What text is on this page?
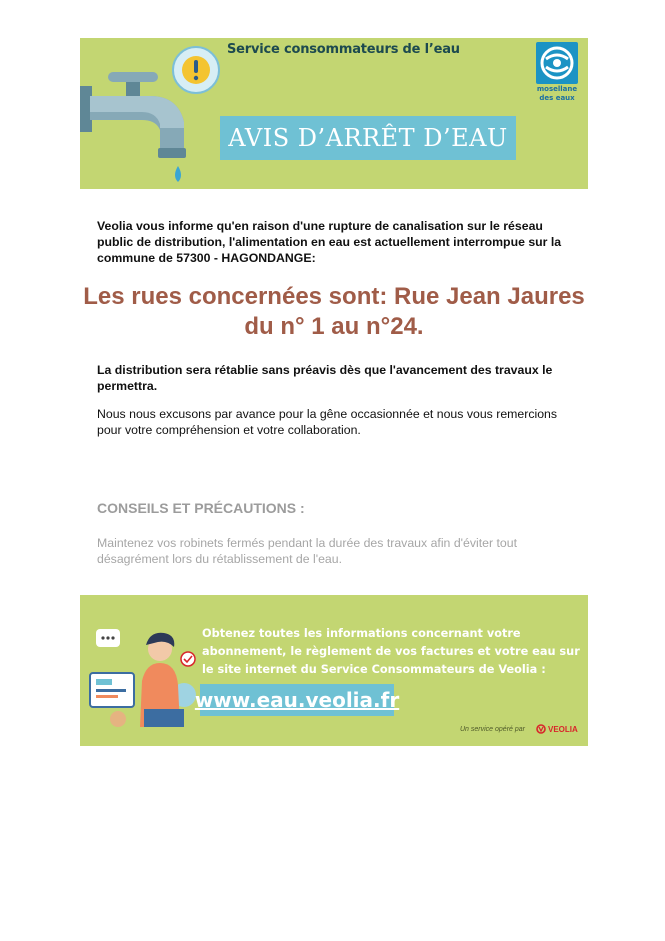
Service consommateurs de l’eau
mosellane
des eaux
AVIS D’ARRÊT D’EAU
Veolia vous informe qu'en raison d'une rupture de canalisation sur le réseau public de distribution, l'alimentation en eau est actuellement interrompue sur la commune de 57300 - HAGONDANGE:
Les rues concernées sont: Rue Jean Jaures du n° 1 au n°24.
La distribution sera rétablie sans préavis dès que l'avancement des travaux le permettra.
Nous nous excusons par avance pour la gêne occasionnée et nous vous remercions pour votre compréhension et votre collaboration.
CONSEILS ET PRÉCAUTIONS :
Maintenez vos robinets fermés pendant la durée des travaux afin d'éviter tout désagrément lors du rétablissement de l'eau.
Obtenez toutes les informations concernant votre abonnement, le règlement de vos factures et votre eau sur le site internet du Service Consommateurs de Veolia :
www.eau.veolia.fr
Un service opéré par	VEOLIA
